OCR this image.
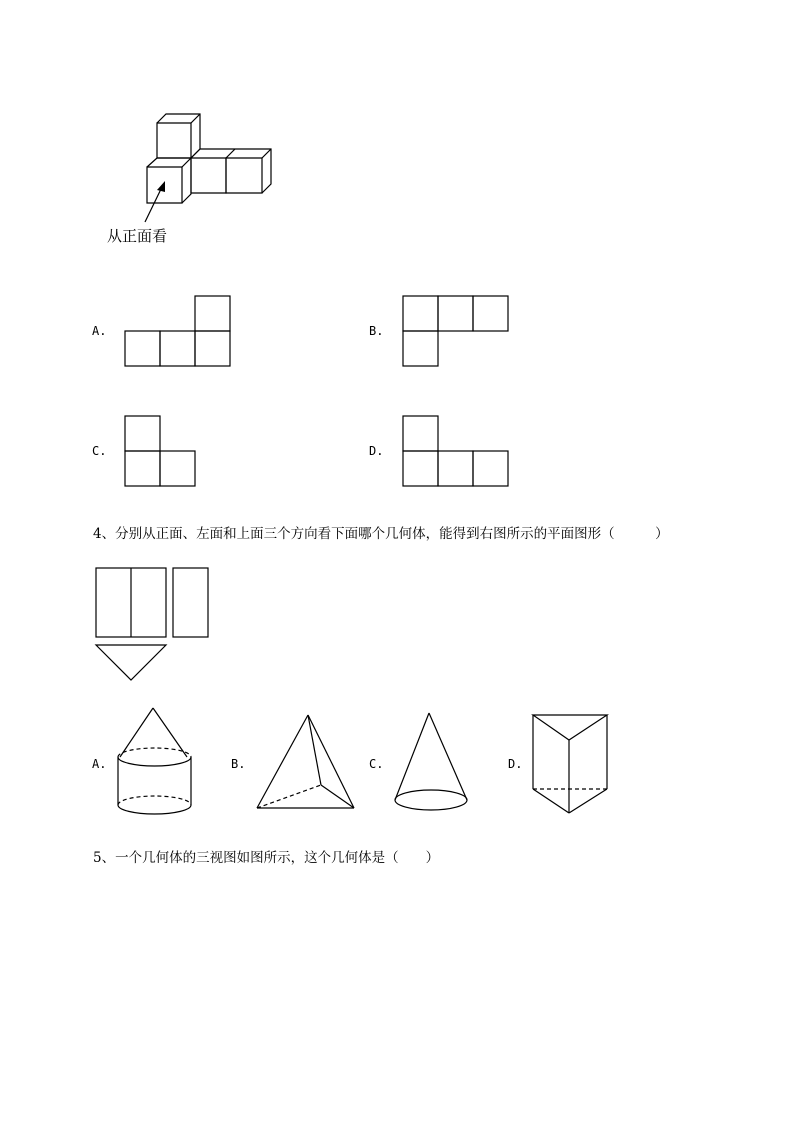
从正面看
A.	B.
C.	D.
4、分别从正面、左面和上面三个方向看下面哪个几何体，能得到右图所示的平面图形（　　　）
A.	B.	C.	D.
5、一个几何体的三视图如图所示，这个几何体是（　　）
